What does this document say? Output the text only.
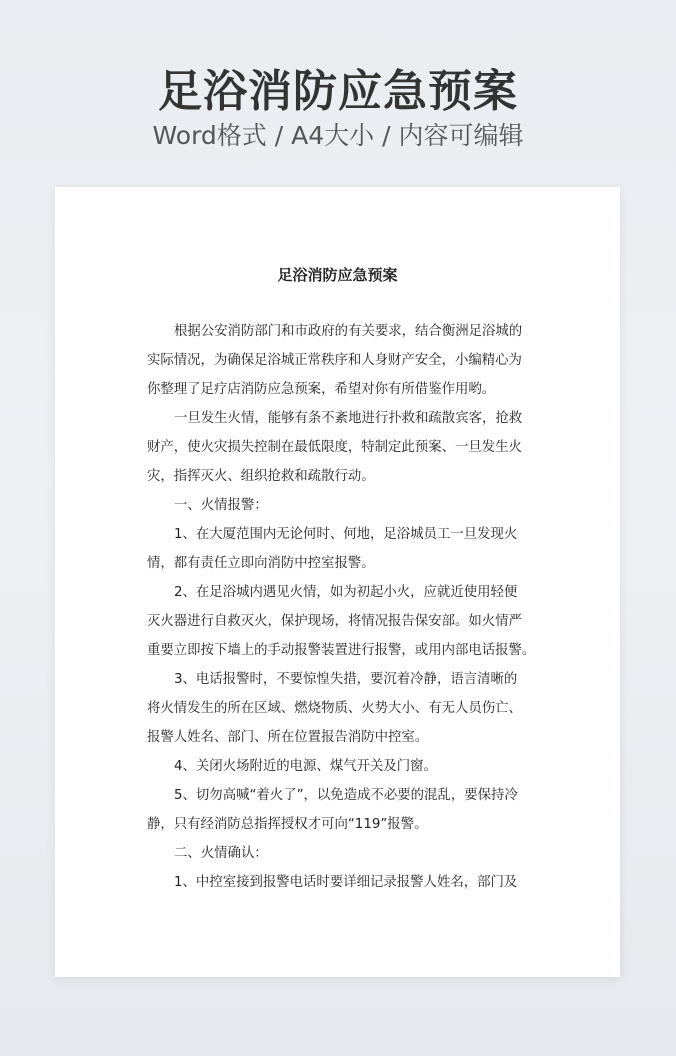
足浴消防应急预案
Word格式 / A4大小 / 内容可编辑
足浴消防应急预案
根据公安消防部门和市政府的有关要求，结合衡洲足浴城的
实际情况，为确保足浴城正常秩序和人身财产安全，小编精心为
你整理了足疗店消防应急预案，希望对你有所借鉴作用哟。
一旦发生火情，能够有条不紊地进行扑救和疏散宾客，抢救
财产，使火灾损失控制在最低限度，特制定此预案、一旦发生火
灾，指挥灭火、组织抢救和疏散行动。
一、火情报警：
1、在大厦范围内无论何时、何地，足浴城员工一旦发现火
情，都有责任立即向消防中控室报警。
2、在足浴城内遇见火情，如为初起小火，应就近使用轻便
灭火器进行自救灭火，保护现场，将情况报告保安部。如火情严
重要立即按下墙上的手动报警装置进行报警，或用内部电话报警。
3、电话报警时，不要惊惶失措，要沉着冷静，语言清晰的
将火情发生的所在区域、燃烧物质、火势大小、有无人员伤亡、
报警人姓名、部门、所在位置报告消防中控室。
4、关闭火场附近的电源、煤气开关及门窗。
5、切勿高喊“着火了”，以免造成不必要的混乱，要保持冷
静，只有经消防总指挥授权才可向“119”报警。
二、火情确认：
1、中控室接到报警电话时要详细记录报警人姓名，部门及
